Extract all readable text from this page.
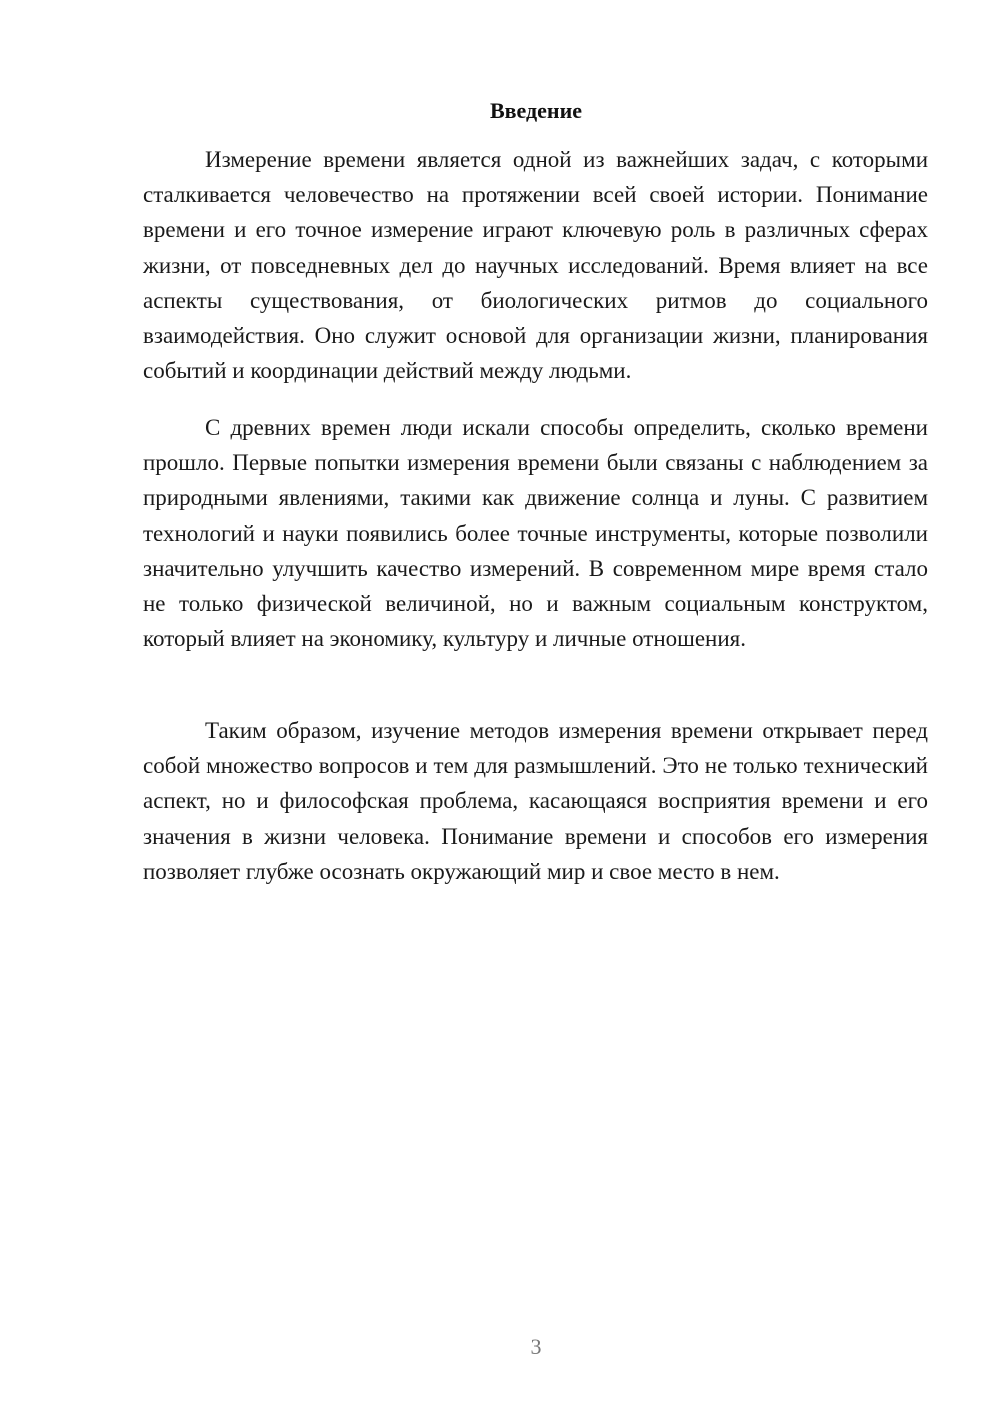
Введение

Измерение времени является одной из важнейших задач, с которыми сталкивается человечество на протяжении всей своей истории. Понимание времени и его точное измерение играют ключевую роль в различных сферах жизни, от повседневных дел до научных исследований. Время влияет на все аспекты существования, от биологических ритмов до социального взаимодействия. Оно служит основой для организации жизни, планирования событий и координации действий между людьми.

С древних времен люди искали способы определить, сколько времени прошло. Первые попытки измерения времени были связаны с наблюдением за природными явлениями, такими как движение солнца и луны. С развитием технологий и науки появились более точные инструменты, которые позволили значительно улучшить качество измерений. В современном мире время стало не только физической величиной, но и важным социальным конструктом, который влияет на экономику, культуру и личные отношения.

Таким образом, изучение методов измерения времени открывает перед собой множество вопросов и тем для размышлений. Это не только технический аспект, но и философская проблема, касающаяся восприятия времени и его значения в жизни человека. Понимание времени и способов его измерения позволяет глубже осознать окружающий мир и свое место в нем.

3
